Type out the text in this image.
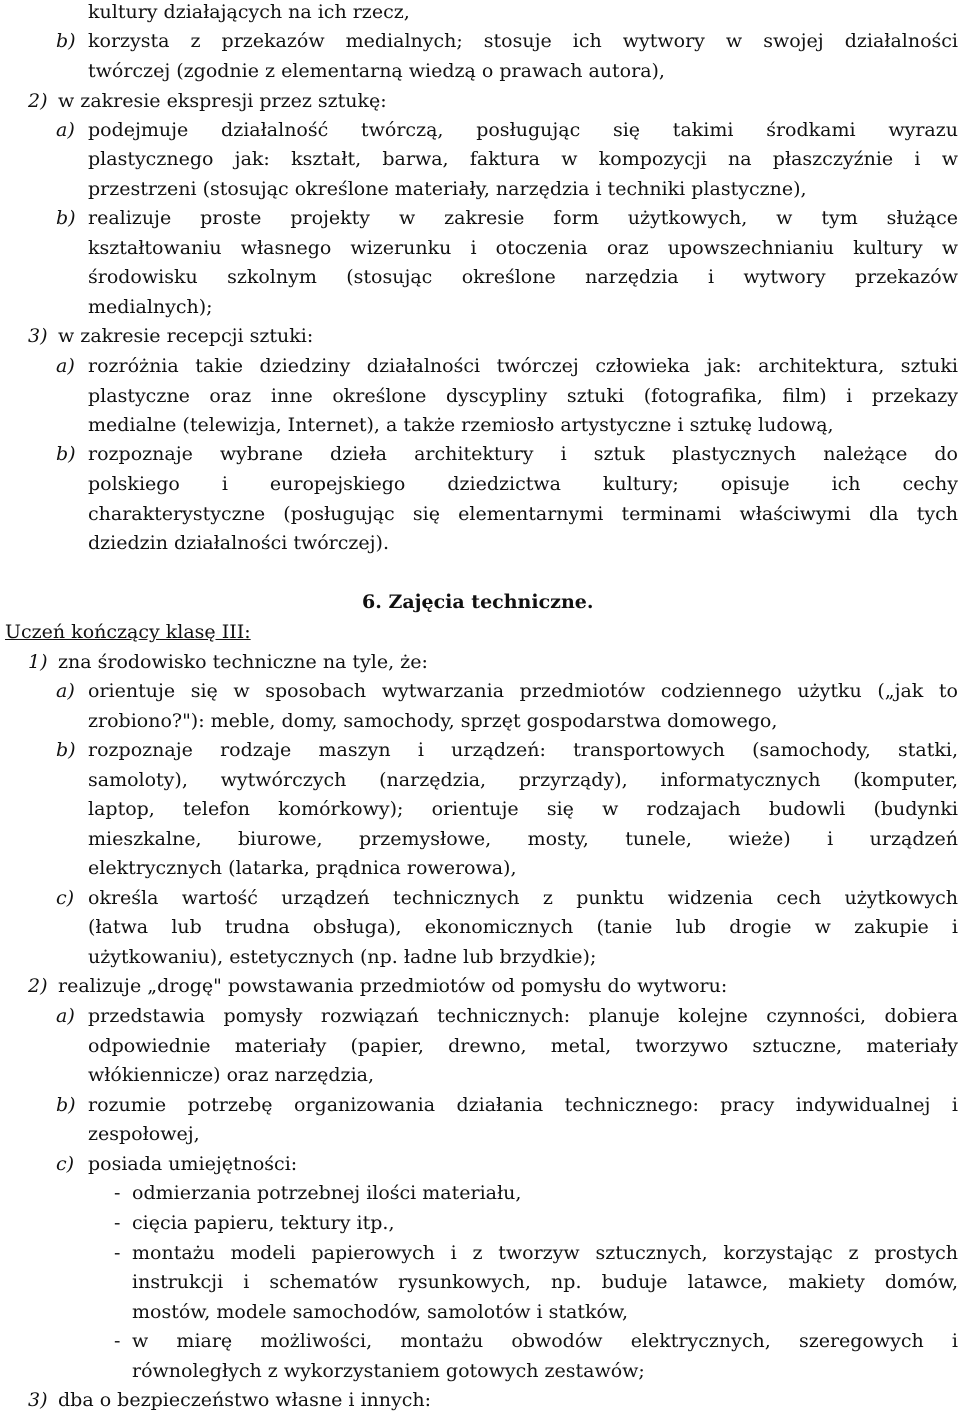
kultury działających na ich rzecz,
b) korzysta z przekazów medialnych; stosuje ich wytwory w swojej działalności
twórczej (zgodnie z elementarną wiedzą o prawach autora),
2) w zakresie ekspresji przez sztukę:
a) podejmuje działalność twórczą, posługując się takimi środkami wyrazu
plastycznego jak: kształt, barwa, faktura w kompozycji na płaszczyźnie i w
przestrzeni (stosując określone materiały, narzędzia i techniki plastyczne),
b) realizuje proste projekty w zakresie form użytkowych, w tym służące
kształtowaniu własnego wizerunku i otoczenia oraz upowszechnianiu kultury w
środowisku szkolnym (stosując określone narzędzia i wytwory przekazów
medialnych);
3) w zakresie recepcji sztuki:
a) rozróżnia takie dziedziny działalności twórczej człowieka jak: architektura, sztuki
plastyczne oraz inne określone dyscypliny sztuki (fotografika, film) i przekazy
medialne (telewizja, Internet), a także rzemiosło artystyczne i sztukę ludową,
b) rozpoznaje wybrane dzieła architektury i sztuk plastycznych należące do
polskiego i europejskiego dziedzictwa kultury; opisuje ich cechy
charakterystyczne (posługując się elementarnymi terminami właściwymi dla tych
dziedzin działalności twórczej).
6. Zajęcia techniczne.
Uczeń kończący klasę III:
1) zna środowisko techniczne na tyle, że:
a) orientuje się w sposobach wytwarzania przedmiotów codziennego użytku („jak to
zrobiono?"): meble, domy, samochody, sprzęt gospodarstwa domowego,
b) rozpoznaje rodzaje maszyn i urządzeń: transportowych (samochody, statki,
samoloty), wytwórczych (narzędzia, przyrządy), informatycznych (komputer,
laptop, telefon komórkowy); orientuje się w rodzajach budowli (budynki
mieszkalne, biurowe, przemysłowe, mosty, tunele, wieże) i urządzeń
elektrycznych (latarka, prądnica rowerowa),
c) określa wartość urządzeń technicznych z punktu widzenia cech użytkowych
(łatwa lub trudna obsługa), ekonomicznych (tanie lub drogie w zakupie i
użytkowaniu), estetycznych (np. ładne lub brzydkie);
2) realizuje „drogę" powstawania przedmiotów od pomysłu do wytworu:
a) przedstawia pomysły rozwiązań technicznych: planuje kolejne czynności, dobiera
odpowiednie materiały (papier, drewno, metal, tworzywo sztuczne, materiały
włókiennicze) oraz narzędzia,
b) rozumie potrzebę organizowania działania technicznego: pracy indywidualnej i
zespołowej,
c) posiada umiejętności:
- odmierzania potrzebnej ilości materiału,
- cięcia papieru, tektury itp.,
- montażu modeli papierowych i z tworzyw sztucznych, korzystając z prostych
instrukcji i schematów rysunkowych, np. buduje latawce, makiety domów,
mostów, modele samochodów, samolotów i statków,
- w miarę możliwości, montażu obwodów elektrycznych, szeregowych i
równoległych z wykorzystaniem gotowych zestawów;
3) dba o bezpieczeństwo własne i innych:
